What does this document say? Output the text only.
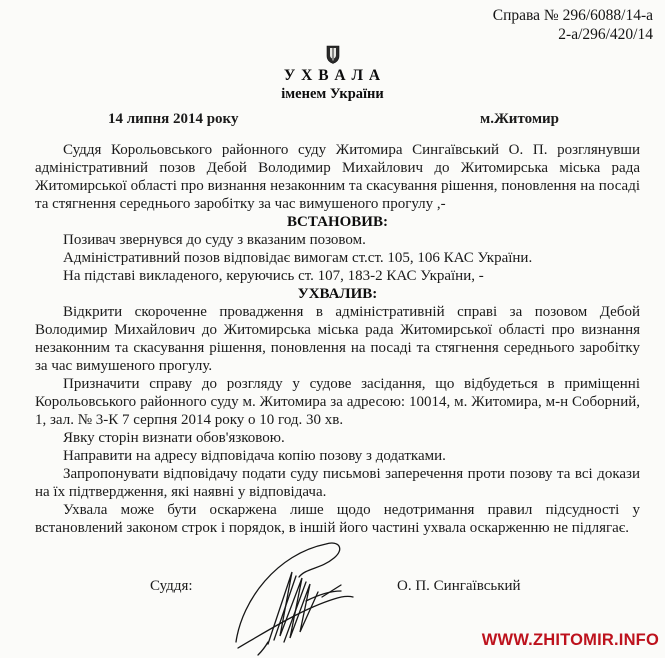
Справа № 296/6088/14-а
2-а/296/420/14
У Х В А Л А
іменем України
14 липня 2014 року	м.Житомир

Суддя Корольовського районного суду Житомира Сингаївський О. П. розглянувши адміністративний позов Дебой Володимир Михайлович до Житомирська міська рада Житомирської області про визнання незаконним та скасування рішення, поновлення на посаді та стягнення середнього заробітку за час вимушеного прогулу ,-

ВСТАНОВИВ:

Позивач звернувся до суду з вказаним позовом.

Адміністративний позов відповідає вимогам ст.ст. 105, 106 КАС України.

На підставі викладеного, керуючись ст. 107, 183-2 КАС України, -

УХВАЛИВ:

Відкрити скороченне провадження в адміністративній справі за позовом Дебой Володимир Михайлович до Житомирська міська рада Житомирської області про визнання незаконним та скасування рішення, поновлення на посаді та стягнення середнього заробітку за час вимушеного прогулу.

Призначити справу до розгляду у судове засідання, що відбудеться в приміщенні Корольовського районного суду м. Житомира за адресою: 10014, м. Житомира, м-н Соборний, 1, зал. № 3-К 7 серпня 2014 року о 10 год. 30 хв.

Явку сторін визнати обов'язковою.

Направити на адресу відповідача копію позову з додатками.

Запропонувати відповідачу подати суду письмові заперечення проти позову та всі докази на їх підтвердження, які наявні у відповідача.

Ухвала може бути оскаржена лише щодо недотримання правил підсудності у встановлений законом строк і порядок, в іншій його частині ухвала оскарженню не підлягає.

Суддя:	О. П. Сингаївський
WWW.ZHITOMIR.INFO
